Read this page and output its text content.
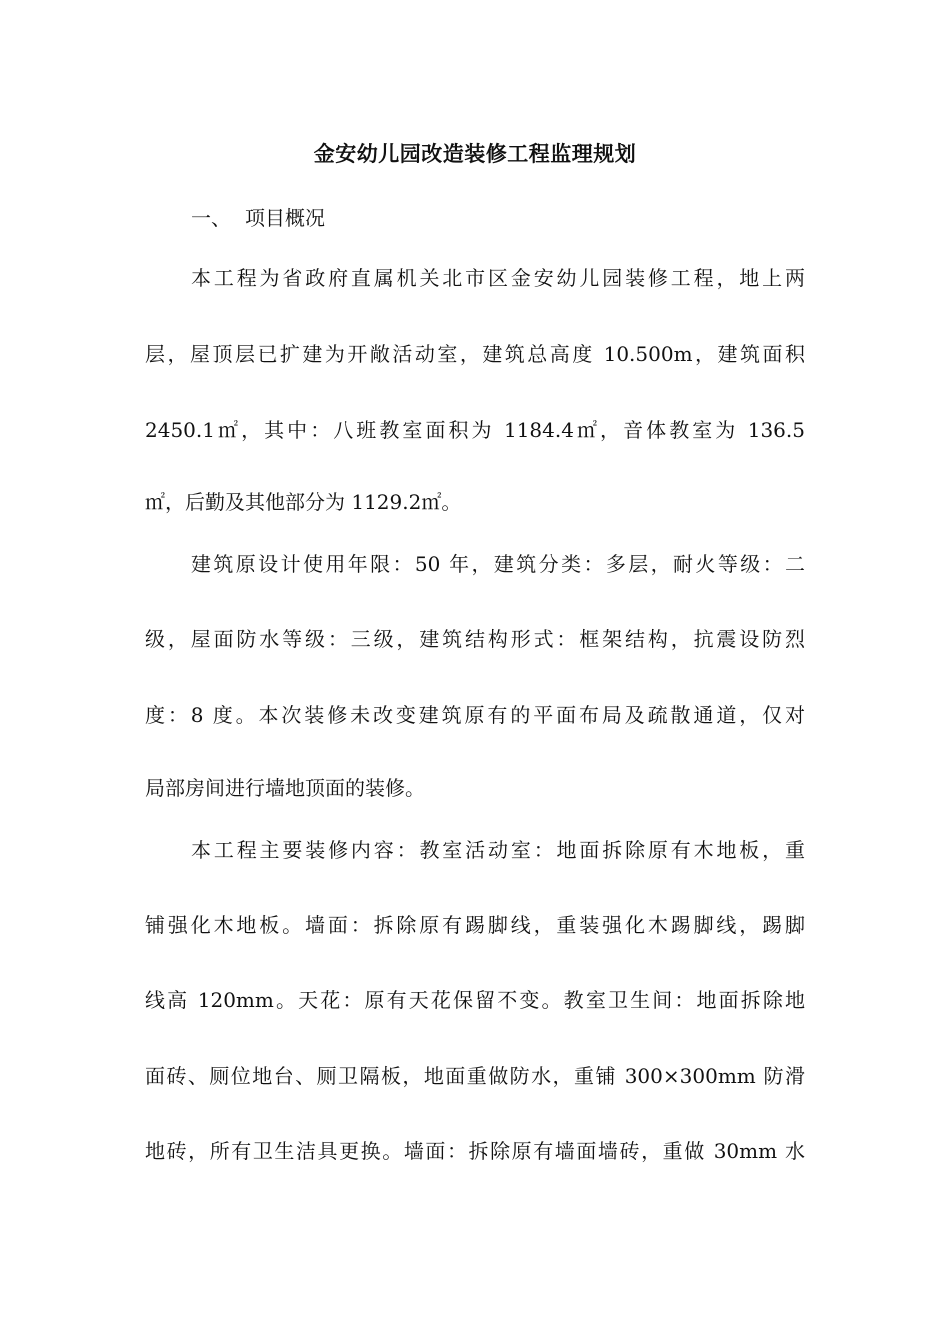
金安幼儿园改造装修工程监理规划
一、 项目概况
本工程为省政府直属机关北市区金安幼儿园装修工程，地上两
层，屋顶层已扩建为开敞活动室，建筑总高度 10.500m，建筑面积
2450.1㎡，其中：八班教室面积为 1184.4㎡，音体教室为 136.5
㎡，后勤及其他部分为 1129.2㎡。
建筑原设计使用年限：50 年，建筑分类：多层，耐火等级：二
级，屋面防水等级：三级，建筑结构形式：框架结构，抗震设防烈
度：8 度。本次装修未改变建筑原有的平面布局及疏散通道，仅对
局部房间进行墙地顶面的装修。
本工程主要装修内容：教室活动室：地面拆除原有木地板，重
铺强化木地板。墙面：拆除原有踢脚线，重装强化木踢脚线，踢脚
线高 120mm。天花：原有天花保留不变。教室卫生间：地面拆除地
面砖、厕位地台、厕卫隔板，地面重做防水，重铺 300×300mm 防滑
地砖，所有卫生洁具更换。墙面：拆除原有墙面墙砖，重做 30mm 水
